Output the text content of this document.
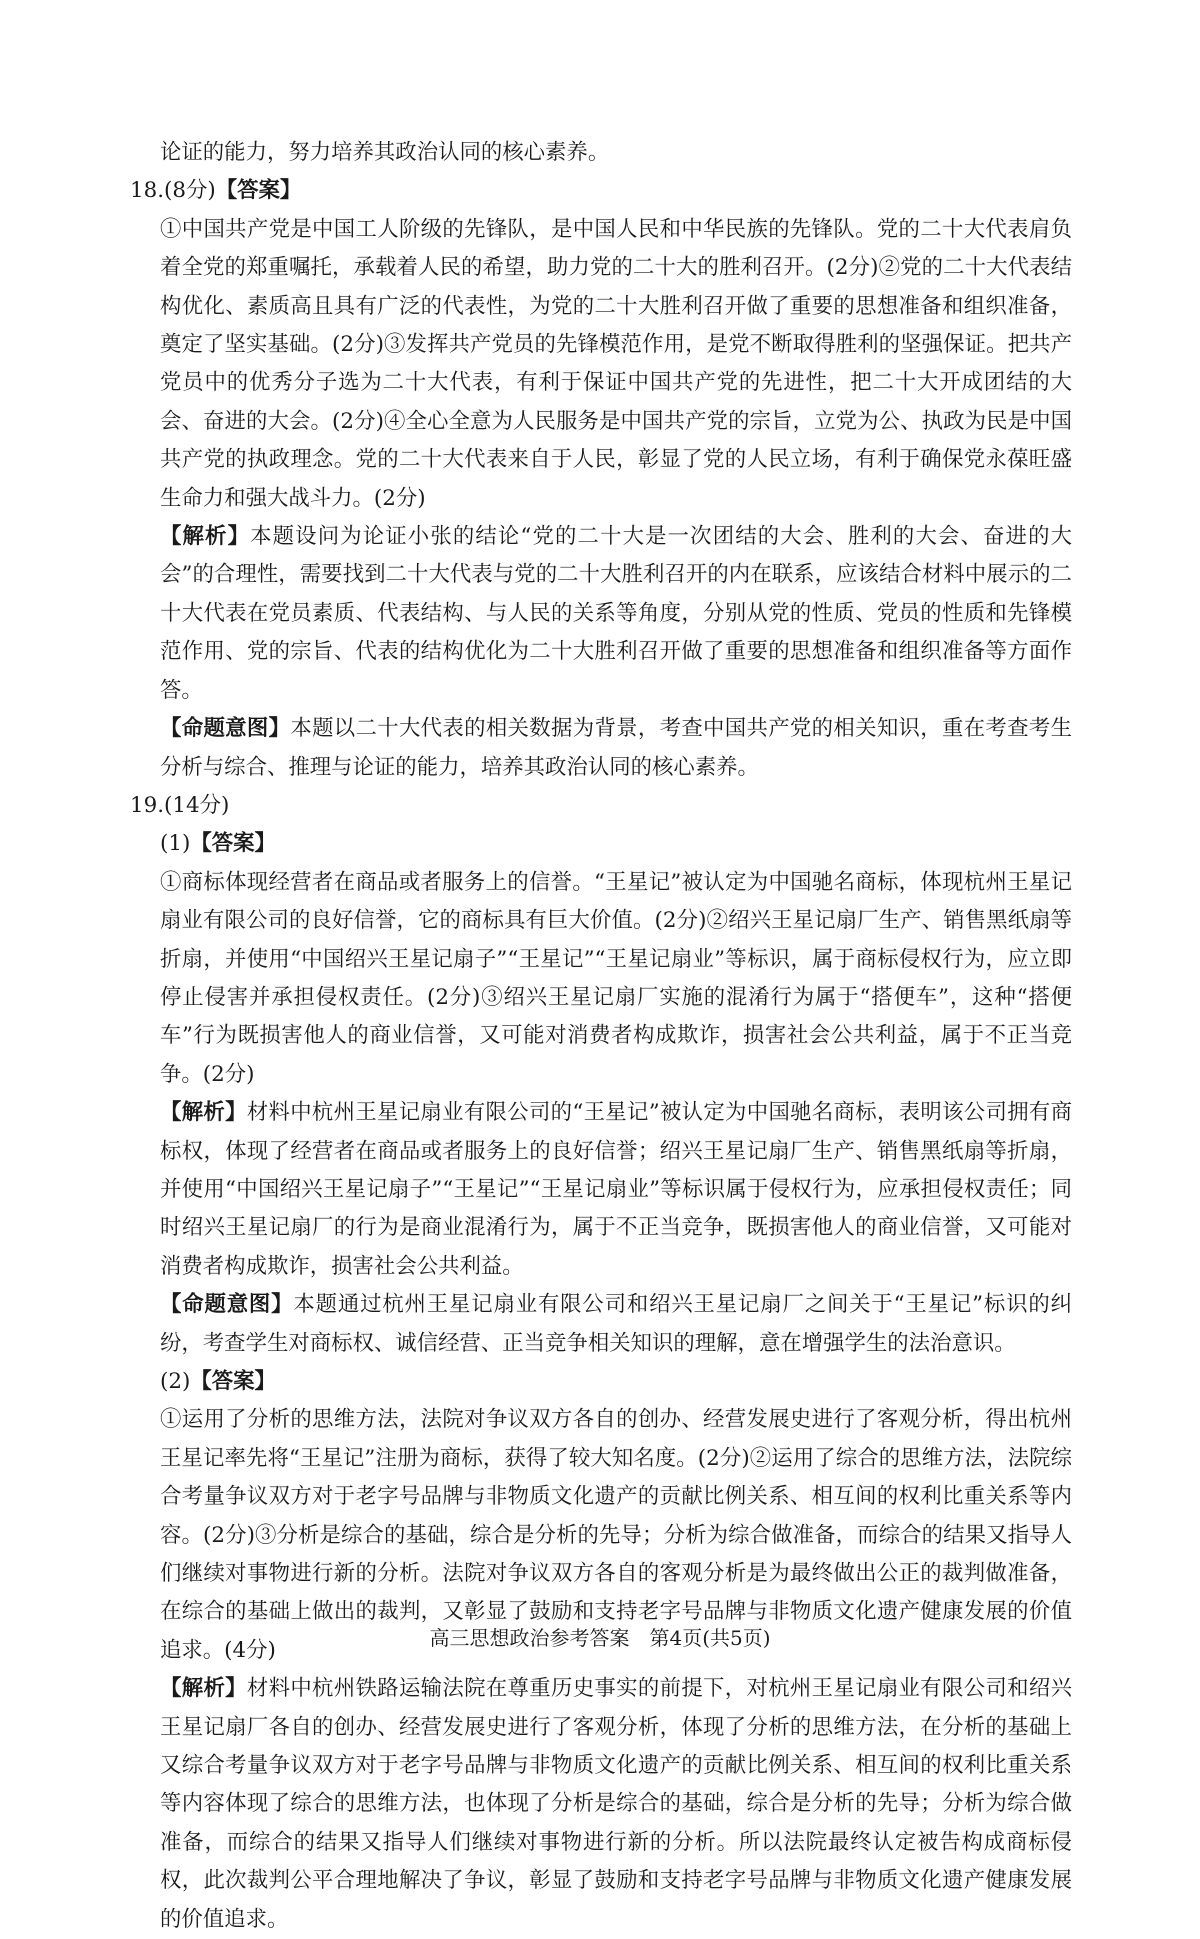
论证的能力，努力培养其政治认同的核心素养。

18.(8分)【答案】

①中国共产党是中国工人阶级的先锋队，是中国人民和中华民族的先锋队。党的二十大代表肩负着全党的郑重嘱托，承载着人民的希望，助力党的二十大的胜利召开。(2分)②党的二十大代表结构优化、素质高且具有广泛的代表性，为党的二十大胜利召开做了重要的思想准备和组织准备，奠定了坚实基础。(2分)③发挥共产党员的先锋模范作用，是党不断取得胜利的坚强保证。把共产党员中的优秀分子选为二十大代表，有利于保证中国共产党的先进性，把二十大开成团结的大会、奋进的大会。(2分)④全心全意为人民服务是中国共产党的宗旨，立党为公、执政为民是中国共产党的执政理念。党的二十大代表来自于人民，彰显了党的人民立场，有利于确保党永葆旺盛生命力和强大战斗力。(2分)

【解析】本题设问为论证小张的结论“党的二十大是一次团结的大会、胜利的大会、奋进的大会”的合理性，需要找到二十大代表与党的二十大胜利召开的内在联系，应该结合材料中展示的二十大代表在党员素质、代表结构、与人民的关系等角度，分别从党的性质、党员的性质和先锋模范作用、党的宗旨、代表的结构优化为二十大胜利召开做了重要的思想准备和组织准备等方面作答。

【命题意图】本题以二十大代表的相关数据为背景，考查中国共产党的相关知识，重在考查考生分析与综合、推理与论证的能力，培养其政治认同的核心素养。

19.(14分)

(1)【答案】

①商标体现经营者在商品或者服务上的信誉。“王星记”被认定为中国驰名商标，体现杭州王星记扇业有限公司的良好信誉，它的商标具有巨大价值。(2分)②绍兴王星记扇厂生产、销售黑纸扇等折扇，并使用“中国绍兴王星记扇子”“王星记”“王星记扇业”等标识，属于商标侵权行为，应立即停止侵害并承担侵权责任。(2分)③绍兴王星记扇厂实施的混淆行为属于“搭便车”，这种“搭便车”行为既损害他人的商业信誉，又可能对消费者构成欺诈，损害社会公共利益，属于不正当竞争。(2分)

【解析】材料中杭州王星记扇业有限公司的“王星记”被认定为中国驰名商标，表明该公司拥有商标权，体现了经营者在商品或者服务上的良好信誉；绍兴王星记扇厂生产、销售黑纸扇等折扇，并使用“中国绍兴王星记扇子”“王星记”“王星记扇业”等标识属于侵权行为，应承担侵权责任；同时绍兴王星记扇厂的行为是商业混淆行为，属于不正当竞争，既损害他人的商业信誉，又可能对消费者构成欺诈，损害社会公共利益。

【命题意图】本题通过杭州王星记扇业有限公司和绍兴王星记扇厂之间关于“王星记”标识的纠纷，考查学生对商标权、诚信经营、正当竞争相关知识的理解，意在增强学生的法治意识。

(2)【答案】

①运用了分析的思维方法，法院对争议双方各自的创办、经营发展史进行了客观分析，得出杭州王星记率先将“王星记”注册为商标，获得了较大知名度。(2分)②运用了综合的思维方法，法院综合考量争议双方对于老字号品牌与非物质文化遗产的贡献比例关系、相互间的权利比重关系等内容。(2分)③分析是综合的基础，综合是分析的先导；分析为综合做准备，而综合的结果又指导人们继续对事物进行新的分析。法院对争议双方各自的客观分析是为最终做出公正的裁判做准备，在综合的基础上做出的裁判，又彰显了鼓励和支持老字号品牌与非物质文化遗产健康发展的价值追求。(4分)

【解析】材料中杭州铁路运输法院在尊重历史事实的前提下，对杭州王星记扇业有限公司和绍兴王星记扇厂各自的创办、经营发展史进行了客观分析，体现了分析的思维方法，在分析的基础上又综合考量争议双方对于老字号品牌与非物质文化遗产的贡献比例关系、相互间的权利比重关系等内容体现了综合的思维方法，也体现了分析是综合的基础，综合是分析的先导；分析为综合做准备，而综合的结果又指导人们继续对事物进行新的分析。所以法院最终认定被告构成商标侵权，此次裁判公平合理地解决了争议，彰显了鼓励和支持老字号品牌与非物质文化遗产健康发展的价值追求。

高三思想政治参考答案　第4页(共5页)
